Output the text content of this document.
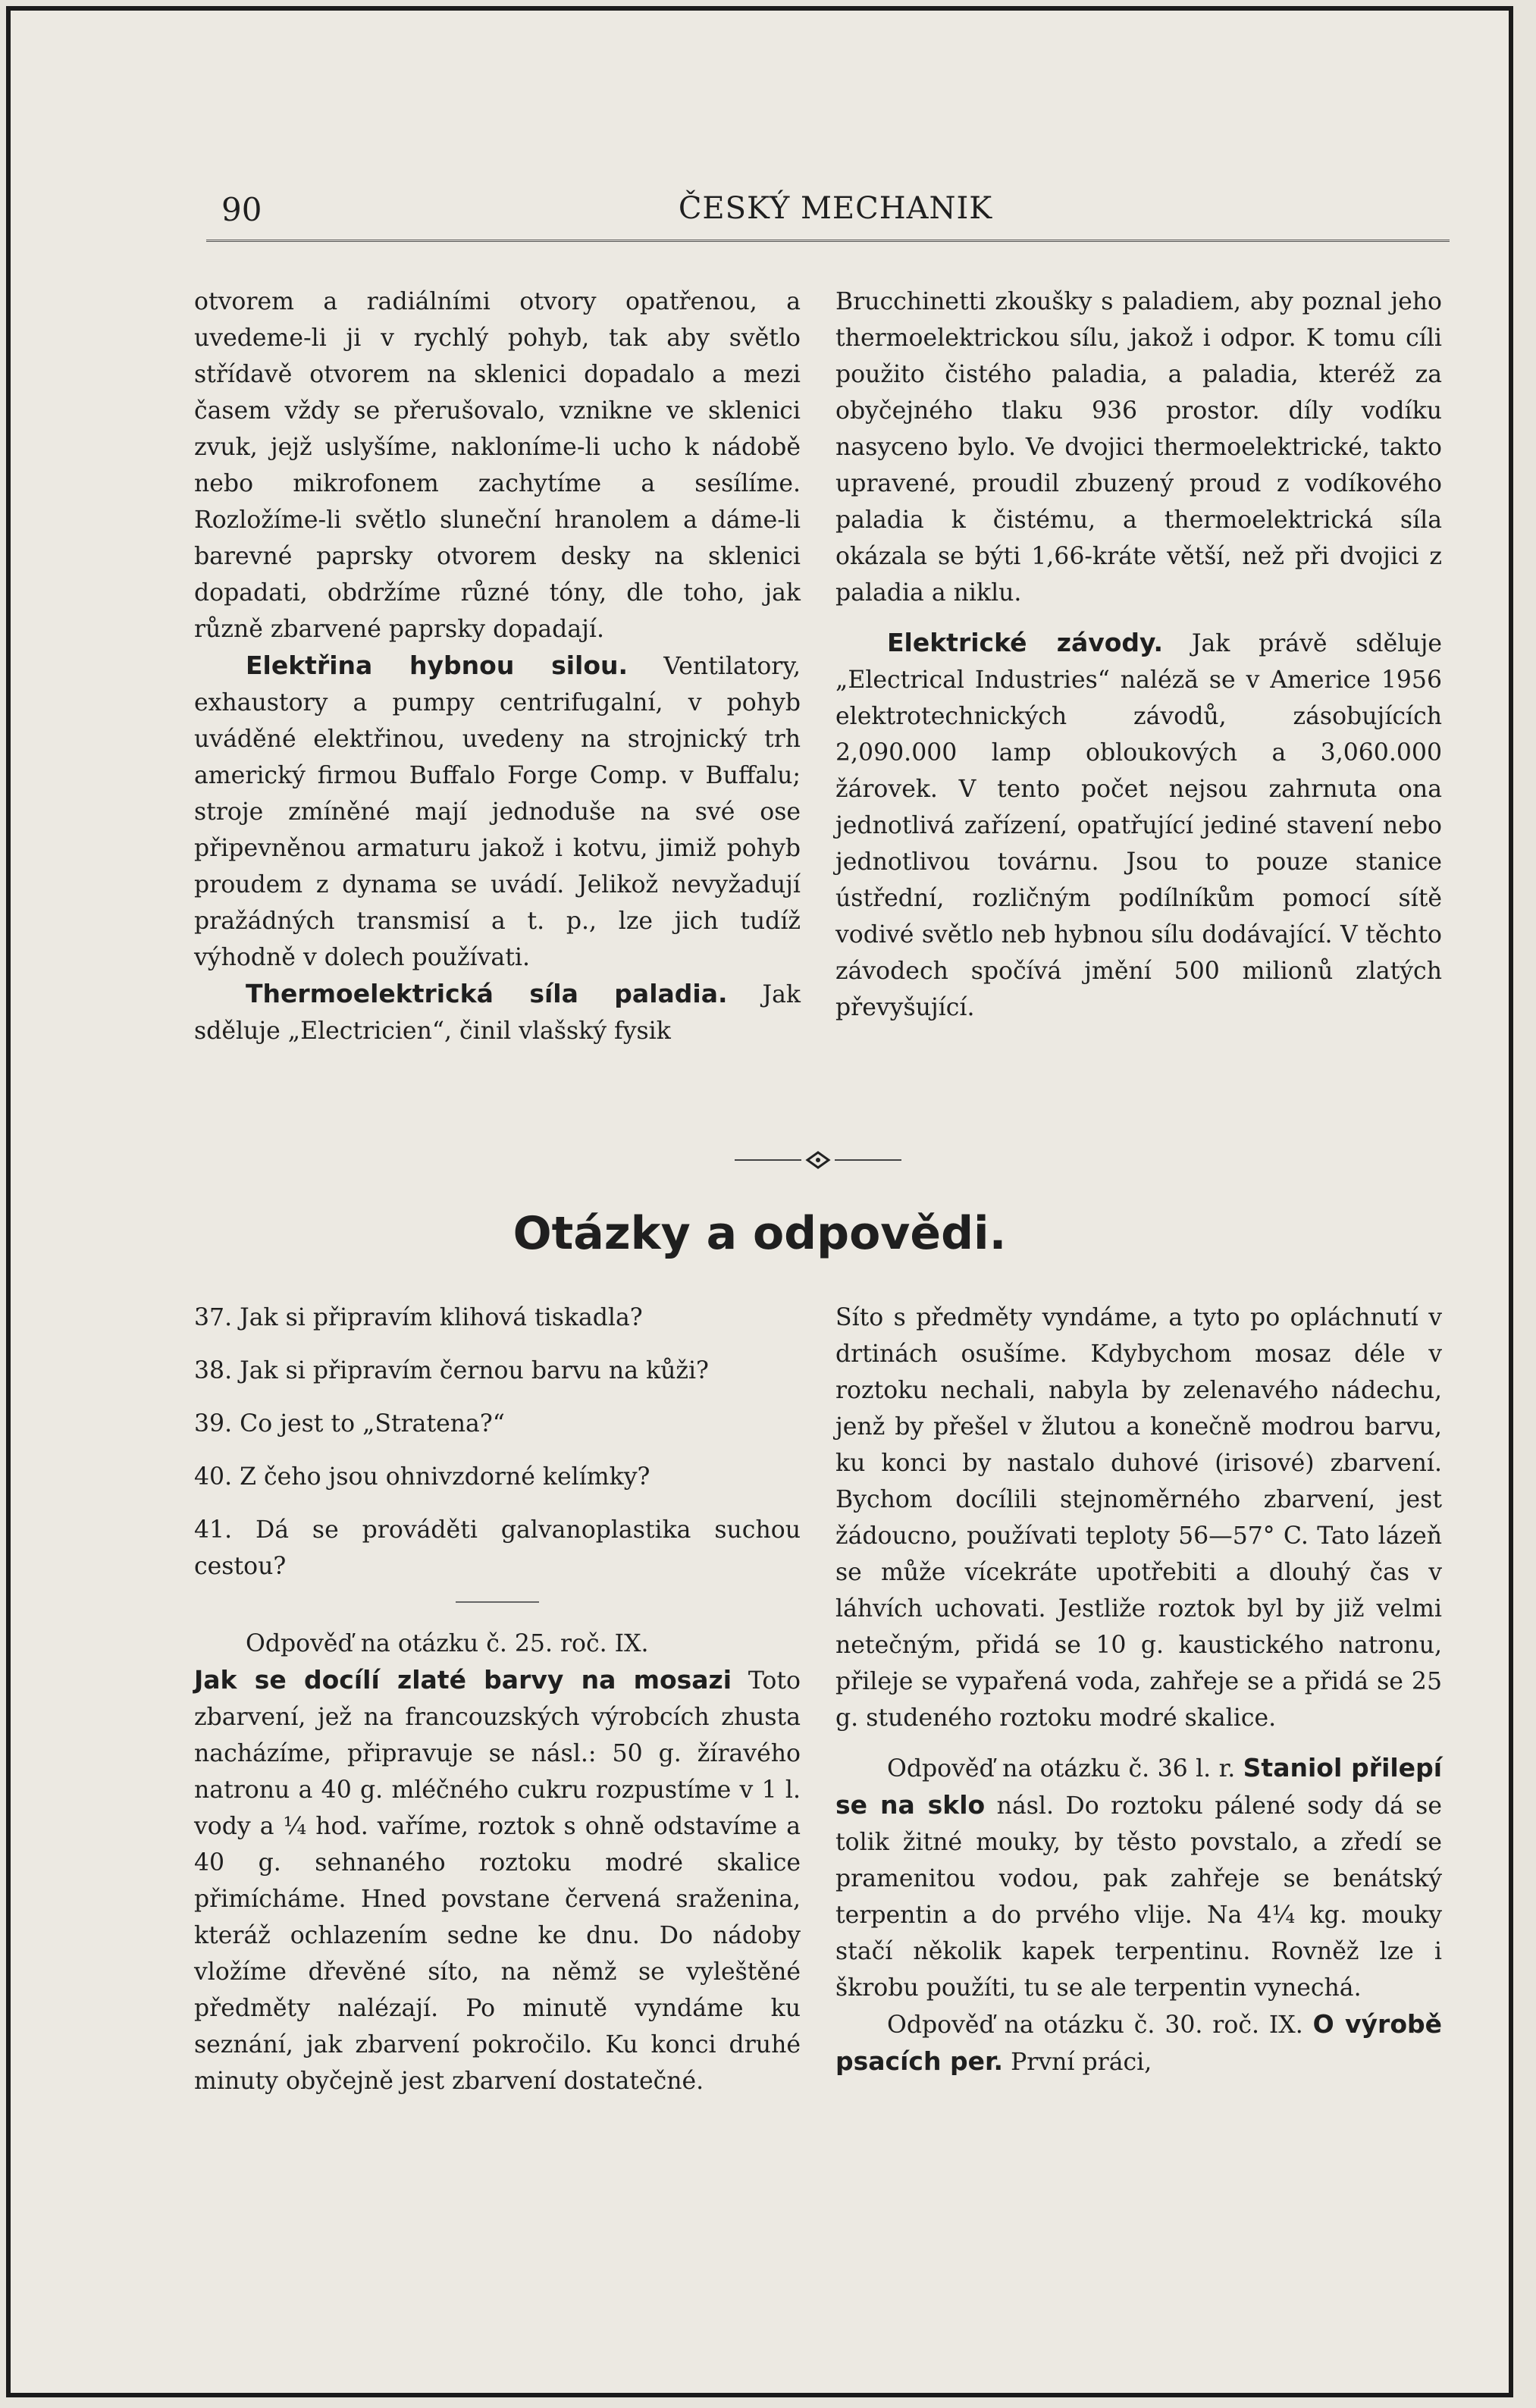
90	ČESKÝ MECHANIK

otvorem a radiálními otvory opatřenou, a uvedeme-li ji v rychlý pohyb, tak aby světlo střídavě otvorem na sklenici dopadalo a mezi časem vždy se přerušovalo, vznikne ve sklenici zvuk, jejž uslyšíme, nakloníme-li ucho k nádobě nebo mikrofonem zachytíme a sesílíme. Rozložíme-li světlo sluneční hranolem a dáme-li barevné paprsky otvorem desky na sklenici dopadati, obdržíme různé tóny, dle toho, jak různě zbarvené paprsky dopadají.

Elektřina hybnou silou. Ventilatory, exhaustory a pumpy centrifugalní, v pohyb uváděné elektřinou, uvedeny na strojnický trh americký firmou Buffalo Forge Comp. v Buffalu; stroje zmíněné mají jednoduše na své ose připevněnou armaturu jakož i kotvu, jimiž pohyb proudem z dynama se uvádí. Jelikož nevyžadují pražádných transmisí a t. p., lze jich tudíž výhodně v dolech používati.

Thermoelektrická síla paladia. Jak sděluje „Electricien“, činil vlašský fysik

Brucchinetti zkoušky s paladiem, aby poznal jeho thermoelektrickou sílu, jakož i odpor. K tomu cíli použito čistého paladia, a paladia, kteréž za obyčejného tlaku 936 prostor. díly vodíku nasyceno bylo. Ve dvojici thermoelektrické, takto upravené, proudil zbuzený proud z vodíkového paladia k čistému, a thermoelektrická síla okázala se býti 1,66-kráte větší, než při dvojici z paladia a niklu.

Elektrické závody. Jak právě sděluje „Electrical Industries“ naléză se v Americe 1956 elektrotechnických závodů, zásobujících 2,090.000 lamp obloukových a 3,060.000 žárovek. V tento počet nejsou zahrnuta ona jednotlivá zařízení, opatřující jediné stavení nebo jednotlivou továrnu. Jsou to pouze stanice ústřední, rozličným podílníkům pomocí sítě vodivé světlo neb hybnou sílu dodávající. V těchto závodech spočívá jmění 500 milionů zlatých převyšující.

Otázky a odpovědi.

37. Jak si připravím klihová tiskadla?

38. Jak si připravím černou barvu na kůži?

39. Co jest to „Stratena?“

40. Z čeho jsou ohnivzdorné kelímky?

41. Dá se prováděti galvanoplastika suchou cestou?

Odpověď na otázku č. 25. roč. IX.

Jak se docílí zlaté barvy na mosazi Toto zbarvení, jež na francouzských výrobcích zhusta nacházíme, připravuje se násl.: 50 g. žíravého natronu a 40 g. mléčného cukru rozpustíme v 1 l. vody a ¼ hod. vaříme, roztok s ohně odstavíme a 40 g. sehnaného roztoku modré skalice přimícháme. Hned povstane červená sraženina, kteráž ochlazením sedne ke dnu. Do nádoby vložíme dřevěné síto, na němž se vyleštěné předměty nalézají. Po minutě vyndáme ku seznání, jak zbarvení pokročilo. Ku konci druhé minuty obyčejně jest zbarvení dostatečné.

Síto s předměty vyndáme, a tyto po opláchnutí v drtinách osušíme. Kdybychom mosaz déle v roztoku nechali, nabyla by zelenavého nádechu, jenž by přešel v žlutou a konečně modrou barvu, ku konci by nastalo duhové (irisové) zbarvení. Bychom docílili stejnoměrného zbarvení, jest žádoucno, používati teploty 56—57° C. Tato lázeň se může vícekráte upotřebiti a dlouhý čas v láhvích uchovati. Jestliže roztok byl by již velmi netečným, přidá se 10 g. kaustického natronu, přileje se vypařená voda, zahřeje se a přidá se 25 g. studeného roztoku modré skalice.

Odpověď na otázku č. 36 l. r. Staniol přilepí se na sklo násl. Do roztoku pálené sody dá se tolik žitné mouky, by těsto povstalo, a zředí se pramenitou vodou, pak zahřeje se benátský terpentin a do prvého vlije. Na 4¼ kg. mouky stačí několik kapek terpentinu. Rovněž lze i škrobu použíti, tu se ale terpentin vynechá.

Odpověď na otázku č. 30. roč. IX. O výrobě psacích per. První práci,
